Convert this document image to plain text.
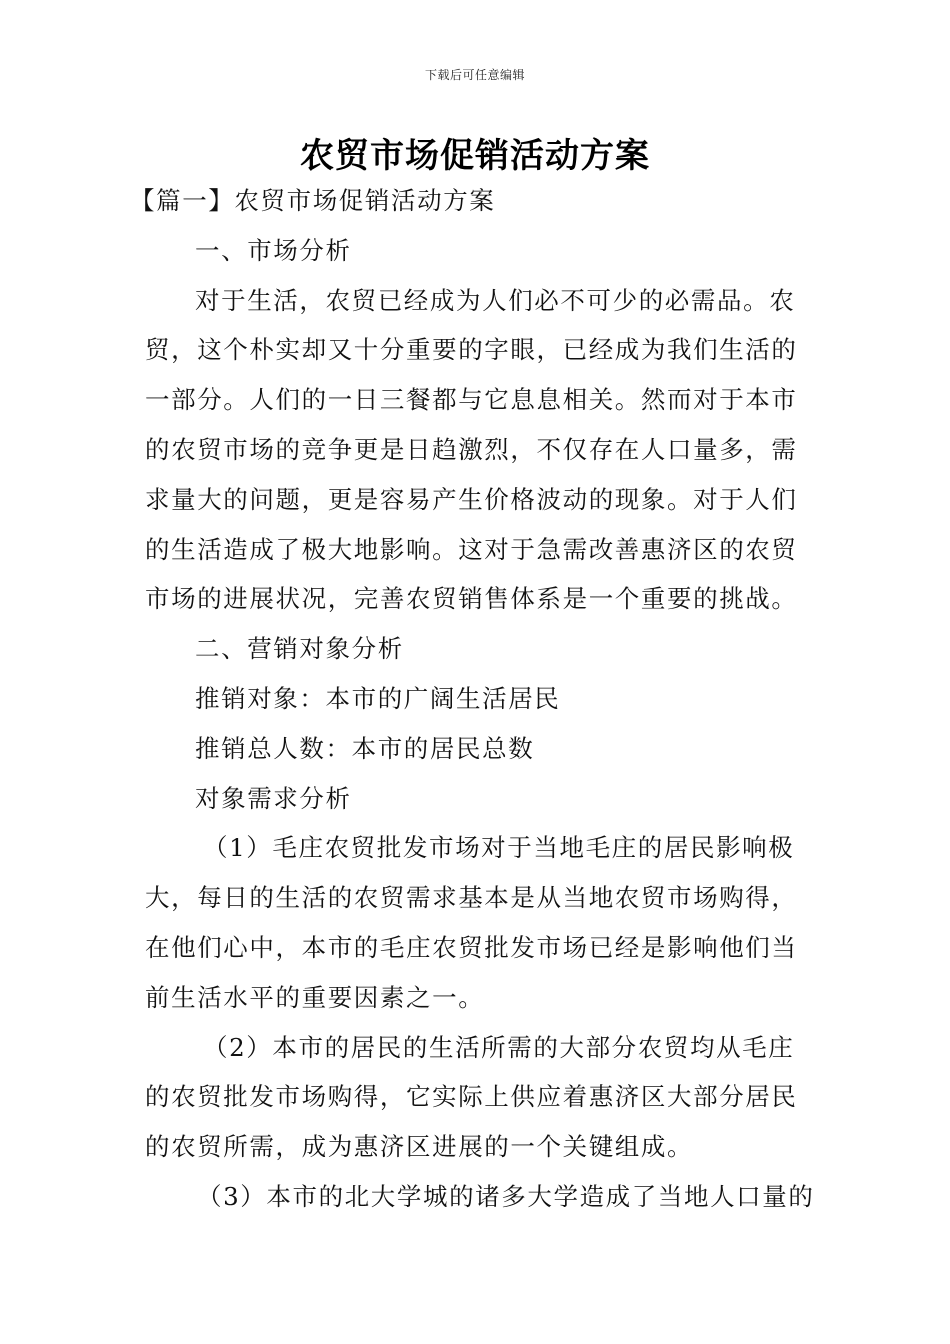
下载后可任意编辑
农贸市场促销活动方案

【篇一】农贸市场促销活动方案

一、市场分析

对于生活，农贸已经成为人们必不可少的必需品。农贸，这个朴实却又十分重要的字眼，已经成为我们生活的一部分。人们的一日三餐都与它息息相关。然而对于本市的农贸市场的竞争更是日趋激烈，不仅存在人口量多，需求量大的问题，更是容易产生价格波动的现象。对于人们的生活造成了极大地影响。这对于急需改善惠济区的农贸市场的进展状况，完善农贸销售体系是一个重要的挑战。

二、营销对象分析

推销对象：本市的广阔生活居民

推销总人数：本市的居民总数

对象需求分析

（1）毛庄农贸批发市场对于当地毛庄的居民影响极大，每日的生活的农贸需求基本是从当地农贸市场购得，在他们心中，本市的毛庄农贸批发市场已经是影响他们当前生活水平的重要因素之一。

（2）本市的居民的生活所需的大部分农贸均从毛庄的农贸批发市场购得，它实际上供应着惠济区大部分居民的农贸所需，成为惠济区进展的一个关键组成。

（3）本市的北大学城的诸多大学造成了当地人口量的
